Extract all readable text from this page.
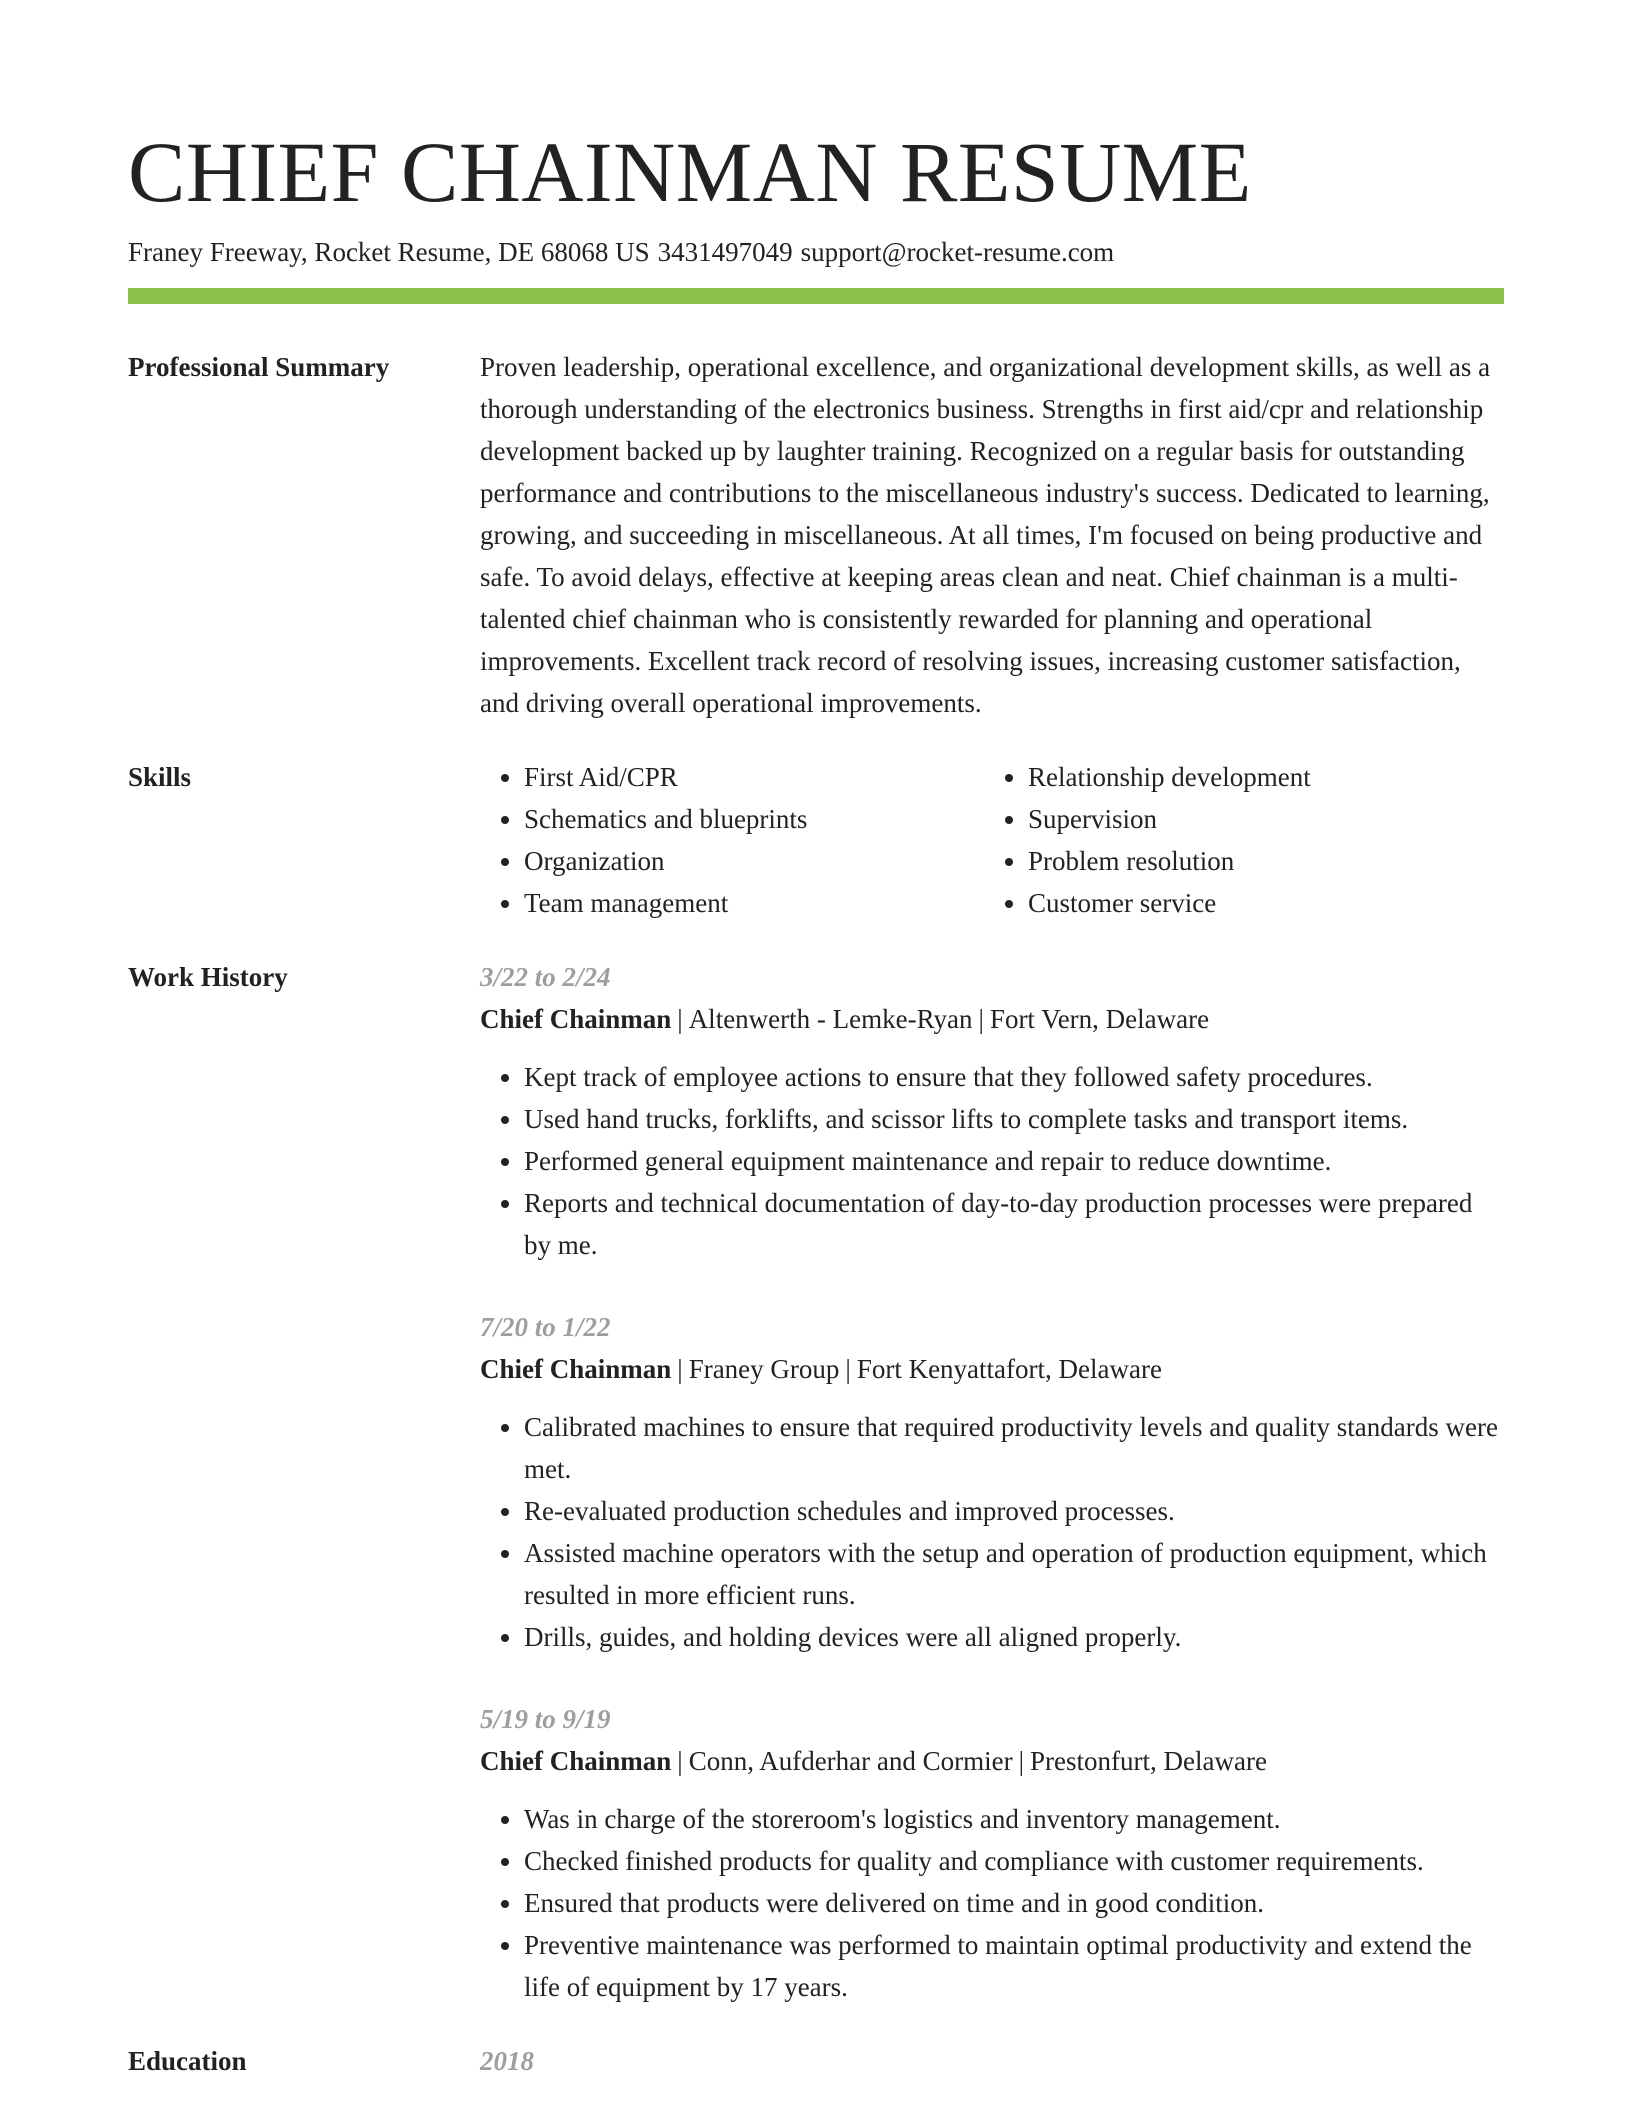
CHIEF CHAINMAN RESUME
Franey Freeway, Rocket Resume, DE 68068 US 3431497049 support@rocket-resume.com
Professional Summary	Proven leadership, operational excellence, and organizational development skills, as well as a thorough understanding of the electronics business. Strengths in first aid/cpr and relationship development backed up by laughter training. Recognized on a regular basis for outstanding performance and contributions to the miscellaneous industry's success. Dedicated to learning, growing, and succeeding in miscellaneous. At all times, I'm focused on being productive and safe. To avoid delays, effective at keeping areas clean and neat. Chief chainman is a multi-talented chief chainman who is consistently rewarded for planning and operational improvements. Excellent track record of resolving issues, increasing customer satisfaction, and driving overall operational improvements.

Skills
•	First Aid/CPR
• Schematics and blueprints
• Organization
• Team management
• Relationship development
• Supervision
• Problem resolution
• Customer service
Work History	3/22 to 2/24
Chief Chainman | Altenwerth - Lemke-Ryan | Fort Vern, Delaware
• Kept track of employee actions to ensure that they followed safety procedures.
• Used hand trucks, forklifts, and scissor lifts to complete tasks and transport items.
• Performed general equipment maintenance and repair to reduce downtime.
• Reports and technical documentation of day-to-day production processes were prepared by me.
7/20 to 1/22
Chief Chainman | Franey Group | Fort Kenyattafort, Delaware
• Calibrated machines to ensure that required productivity levels and quality standards were met.
• Re-evaluated production schedules and improved processes.
• Assisted machine operators with the setup and operation of production equipment, which resulted in more efficient runs.
• Drills, guides, and holding devices were all aligned properly.
5/19 to 9/19
Chief Chainman | Conn, Aufderhar and Cormier | Prestonfurt, Delaware
• Was in charge of the storeroom's logistics and inventory management.
• Checked finished products for quality and compliance with customer requirements.
• Ensured that products were delivered on time and in good condition.
• Preventive maintenance was performed to maintain optimal productivity and extend the life of equipment by 17 years.
Education	2018
